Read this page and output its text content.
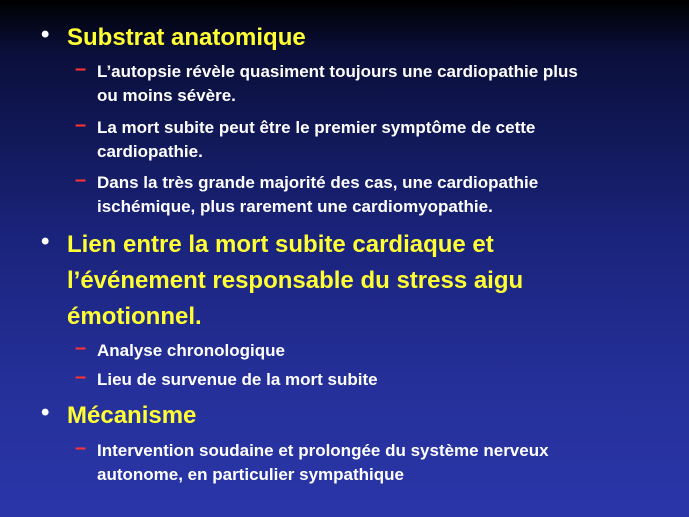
• Substrat anatomique
– L’autopsie révèle quasiment toujours une cardiopathie plus
ou moins sévère.
– La mort subite peut être le premier symptôme de cette
cardiopathie.
– Dans la très grande majorité des cas, une cardiopathie
ischémique, plus rarement une cardiomyopathie.
• Lien entre la mort subite cardiaque et
l’événement responsable du stress aigu
émotionnel.
– Analyse chronologique
– Lieu de survenue de la mort subite
• Mécanisme
– Intervention soudaine et prolongée du système nerveux
autonome, en particulier sympathique
